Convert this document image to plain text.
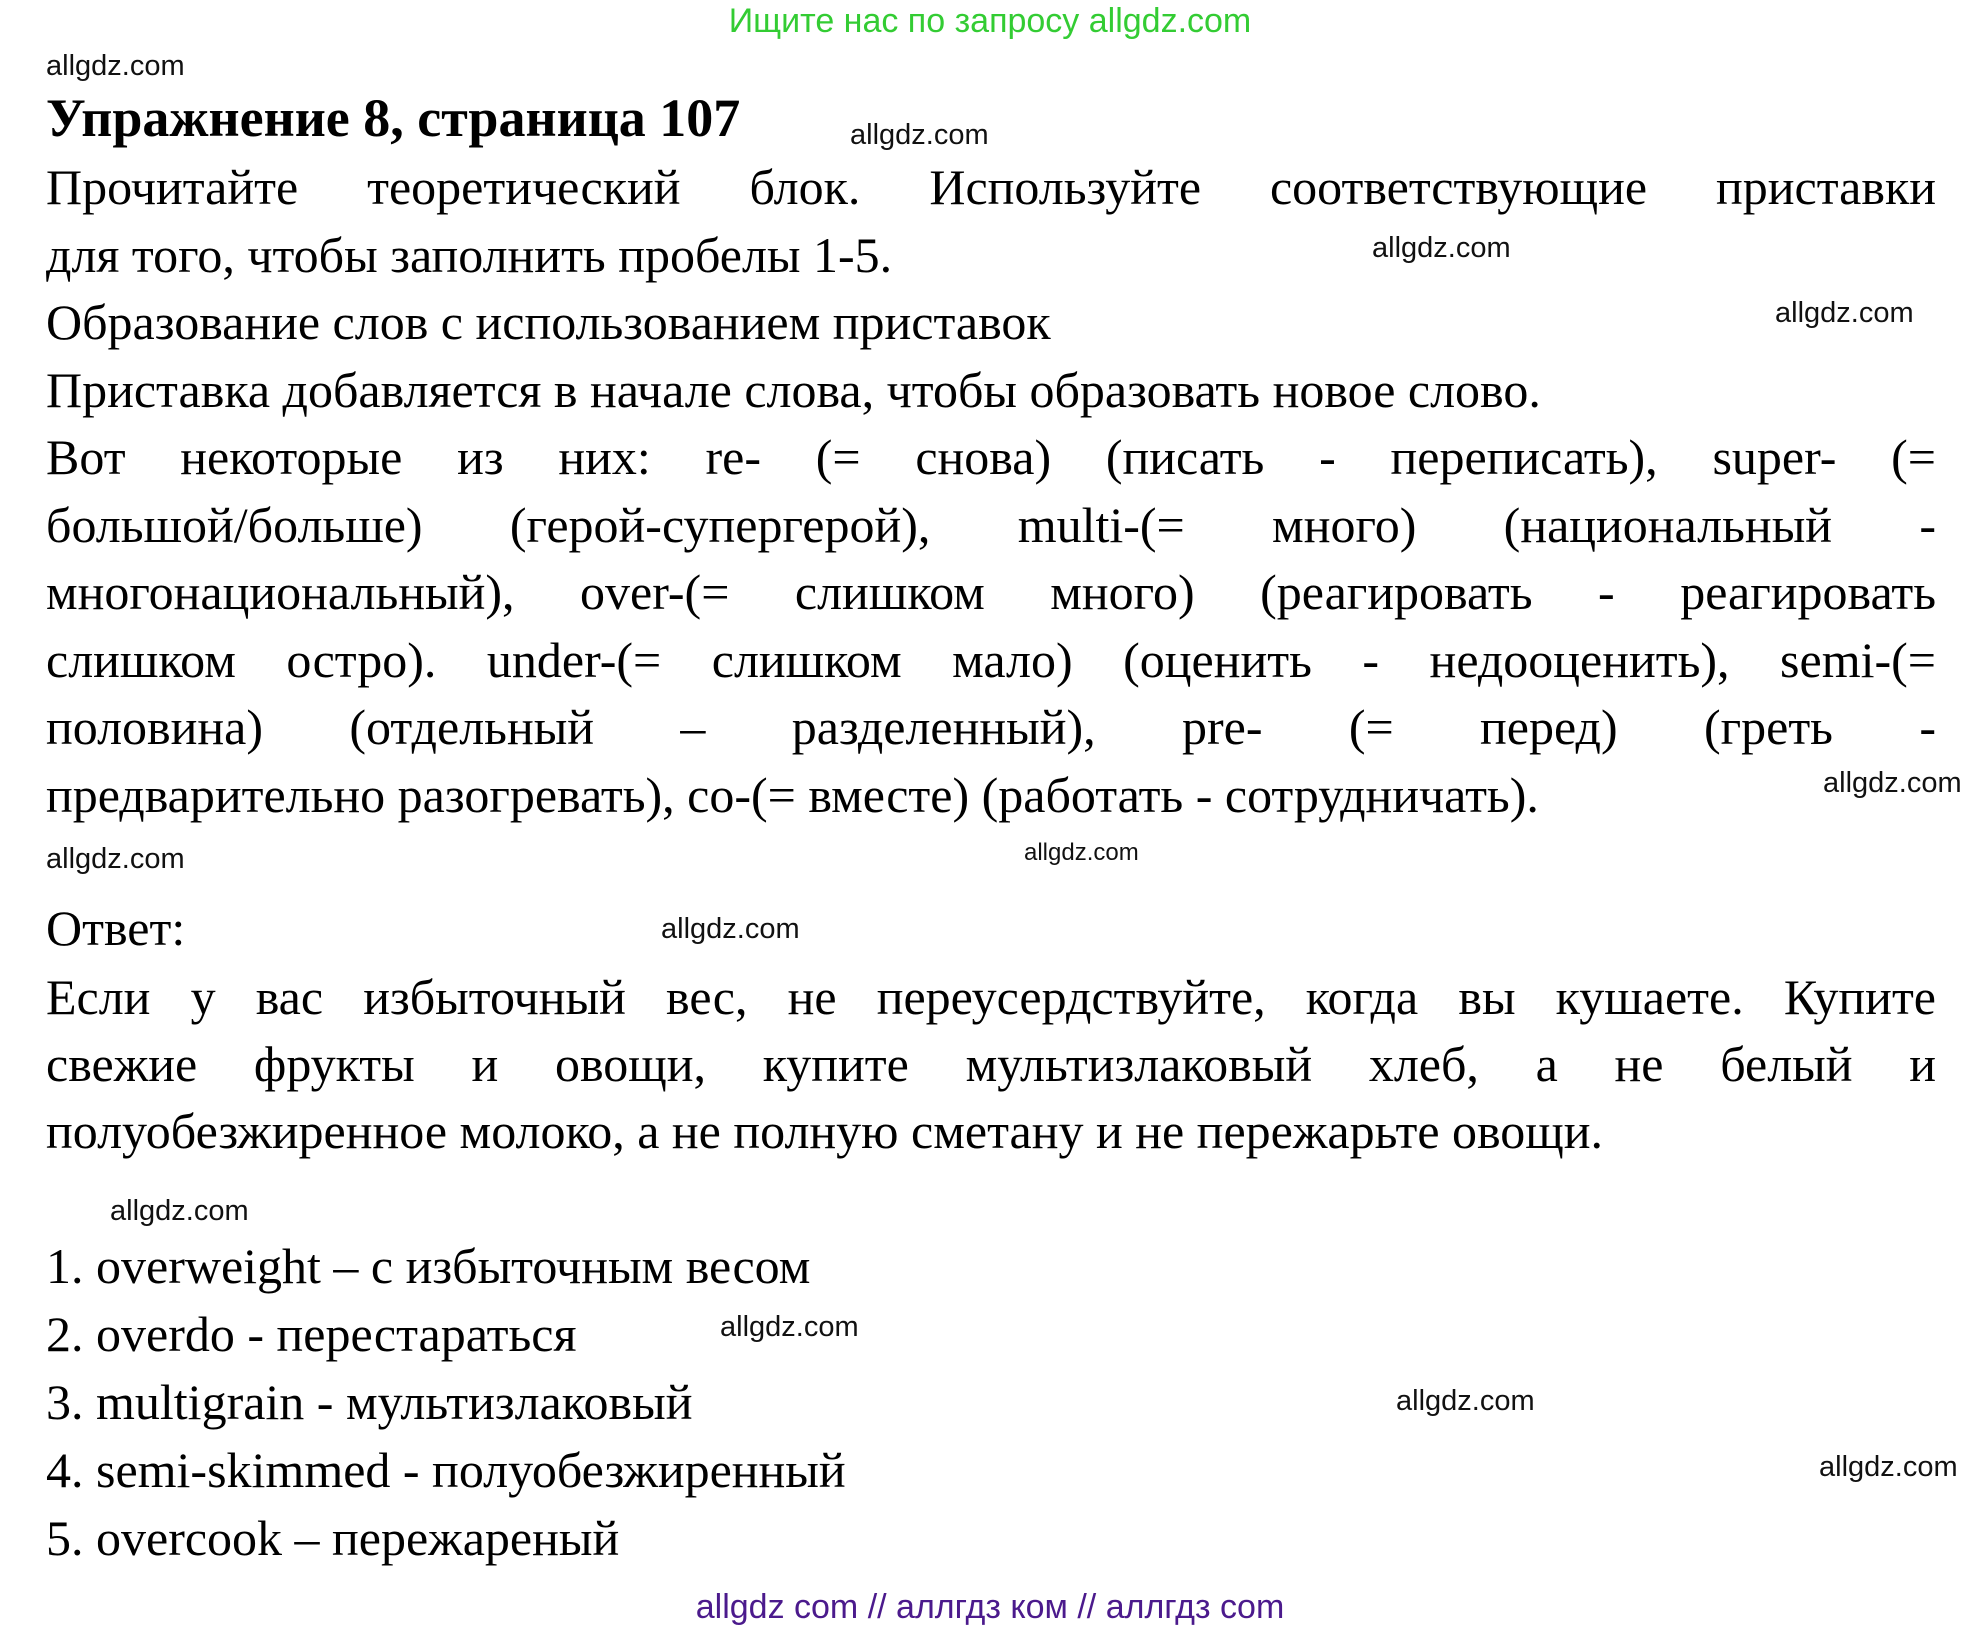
Ищите нас по запросу allgdz.com
Упражнение 8, страница 107
Прочитайте теоретический блок. Используйте соответствующие приставки
для того, чтобы заполнить пробелы 1-5.
Образование слов с использованием приставок
Приставка добавляется в начале слова, чтобы образовать новое слово.
Вот некоторые из них: re- (= снова) (писать - переписать), super- (=
большой/больше) (герой-супергерой), multi-(= много) (национальный -
многонациональный), over-(= слишком много) (реагировать - реагировать
слишком остро). under-(= слишком мало) (оценить - недооценить), semi-(=
половина) (отдельный – разделенный), pre- (= перед) (греть -
предварительно разогревать), co-(= вместе) (работать - сотрудничать).
Ответ:
Если у вас избыточный вес, не переусердствуйте, когда вы кушаете. Купите
свежие фрукты и овощи, купите мультизлаковый хлеб, а не белый и
полуобезжиренное молоко, а не полную сметану и не пережарьте овощи.
1. overweight – с избыточным весом
2. overdo - перестараться
3. multigrain - мультизлаковый
4. semi-skimmed - полуобезжиренный
5. overcook – пережареный
allgdz.com
allgdz.com
allgdz.com
allgdz.com
allgdz.com
allgdz.com
allgdz.com
allgdz.com
allgdz.com
allgdz.com
allgdz.com
allgdz.com
allgdz com // аллгдз ком // аллгдз com
